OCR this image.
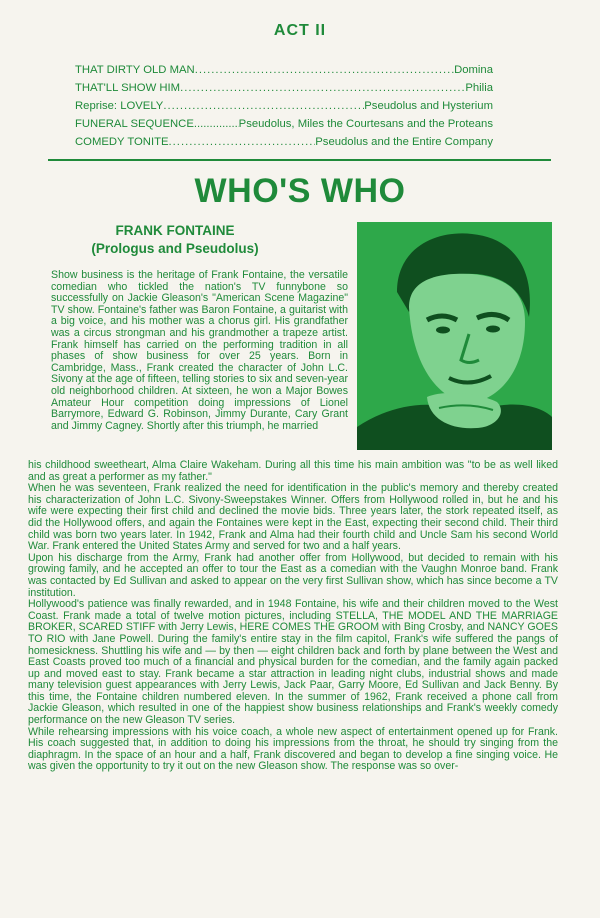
ACT II
THAT DIRTY OLD MAN .....	Domina
THAT'LL SHOW HIM .....	Philia
Reprise: LOVELY .....	Pseudolus and Hysterium
FUNERAL SEQUENCE .....	Pseudolus, Miles the Courtesans and the Proteans
COMEDY TONITE .....	Pseudolus and the Entire Company
WHO'S WHO
FRANK FONTAINE
(Prologus and Pseudolus)
Show business is the heritage of Frank Fontaine, the versatile comedian who tickled the nation's TV funnybone so successfully on Jackie Gleason's "American Scene Magazine" TV show. Fontaine's father was Baron Fontaine, a guitarist with a big voice, and his mother was a chorus girl. His grandfather was a circus strongman and his grandmother a trapeze artist. Frank himself has carried on the performing tradition in all phases of show business for over 25 years. Born in Cambridge, Mass., Frank created the character of John L.C. Sivony at the age of fifteen, telling stories to six and seven-year old neighborhood children. At sixteen, he won a Major Bowes Amateur Hour competition doing impressions of Lionel Barrymore, Edward G. Robinson, Jimmy Durante, Cary Grant and Jimmy Cagney. Shortly after this triumph, he married

his childhood sweetheart, Alma Claire Wakeham. During all this time his main ambition was "to be as well liked and as great a performer as my father."

When he was seventeen, Frank realized the need for identification in the public's memory and thereby created his characterization of John L.C. Sivony-Sweepstakes Winner. Offers from Hollywood rolled in, but he and his wife were expecting their first child and declined the movie bids. Three years later, the stork repeated itself, as did the Hollywood offers, and again the Fontaines were kept in the East, expecting their second child. Their third child was born two years later. In 1942, Frank and Alma had their fourth child and Uncle Sam his second World War. Frank entered the United States Army and served for two and a half years.

Upon his discharge from the Army, Frank had another offer from Hollywood, but decided to remain with his growing family, and he accepted an offer to tour the East as a comedian with the Vaughn Monroe band. Frank was contacted by Ed Sullivan and asked to appear on the very first Sullivan show, which has since become a TV institution.

Hollywood's patience was finally rewarded, and in 1948 Fontaine, his wife and their children moved to the West Coast. Frank made a total of twelve motion pictures, including STELLA, THE MODEL AND THE MARRIAGE BROKER, SCARED STIFF with Jerry Lewis, HERE COMES THE GROOM with Bing Crosby, and NANCY GOES TO RIO with Jane Powell. During the family's entire stay in the film capitol, Frank's wife suffered the pangs of homesickness. Shuttling his wife and — by then — eight children back and forth by plane between the West and East Coasts proved too much of a financial and physical burden for the comedian, and the family again packed up and moved east to stay. Frank became a star attraction in leading night clubs, industrial shows and made many television guest appearances with Jerry Lewis, Jack Paar, Garry Moore, Ed Sullivan and Jack Benny. By this time, the Fontaine children numbered eleven. In the summer of 1962, Frank received a phone call from Jackie Gleason, which resulted in one of the happiest show business relationships and Frank's weekly comedy performance on the new Gleason TV series.

While rehearsing impressions with his voice coach, a whole new aspect of entertainment opened up for Frank. His coach suggested that, in addition to doing his impressions from the throat, he should try singing from the diaphragm. In the space of an hour and a half, Frank discovered and began to develop a fine singing voice. He was given the opportunity to try it out on the new Gleason show. The response was so over-
